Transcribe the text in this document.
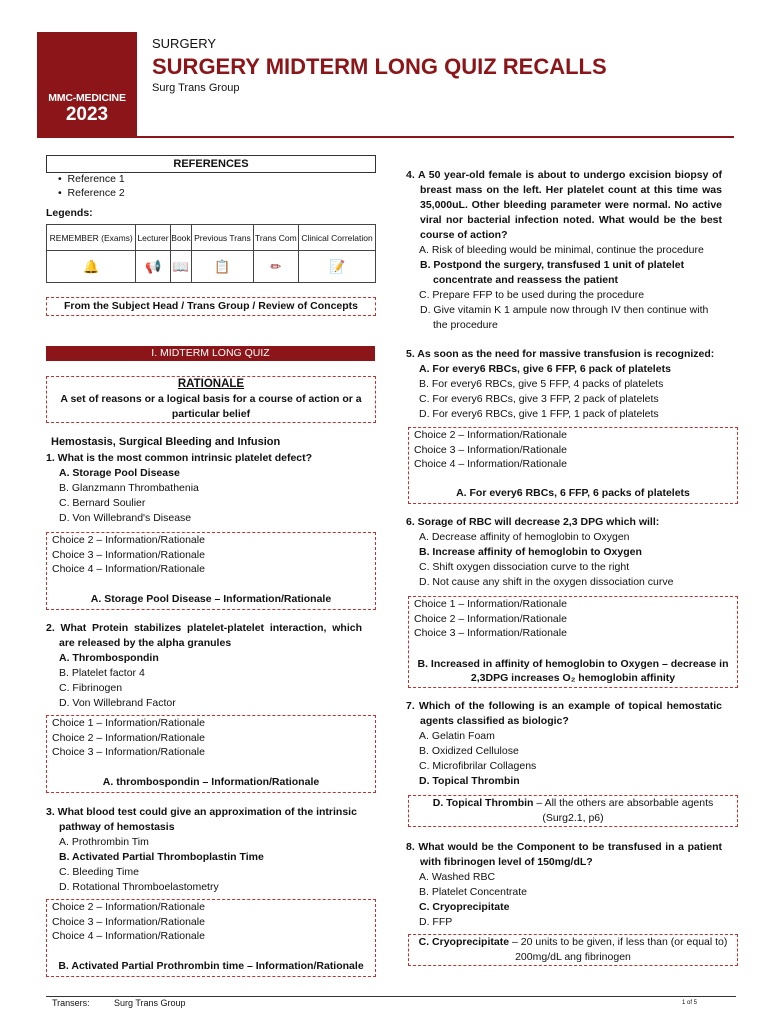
MMC-MEDICINE
2023
SURGERY
SURGERY MIDTERM LONG QUIZ RECALLS
Surg Trans Group
REFERENCES
•  Reference 1
•  Reference 2
Legends:
REMEMBER (Exams)	Lecturer	Book	Previous Trans	Trans Com	Clinical Correlation
🔔	📢	📖	📋	✏	📝
From the Subject Head / Trans Group / Review of Concepts
I. MIDTERM LONG QUIZ
RATIONALE
A set of reasons or a logical basis for a course of action or a particular belief
Hemostasis, Surgical Bleeding and Infusion
1. What is the most common intrinsic platelet defect?
A. Storage Pool Disease
B. Glanzmann Thrombathenia
C. Bernard Soulier
D. Von Willebrand's Disease
Choice 2 – Information/Rationale
Choice 3 – Information/Rationale
Choice 4 – Information/Rationale
A. Storage Pool Disease – Information/Rationale
2. What Protein stabilizes platelet-platelet interaction, which are released by the alpha granules
A. Thrombospondin
B. Platelet factor 4
C. Fibrinogen
D. Von Willebrand Factor
Choice 1 – Information/Rationale
Choice 2 – Information/Rationale
Choice 3 – Information/Rationale
A. thrombospondin – Information/Rationale
3. What blood test could give an approximation of the intrinsic pathway of hemostasis
A. Prothrombin Tim
B. Activated Partial Thromboplastin Time
C. Bleeding Time
D. Rotational Thromboelastometry
Choice 2 – Information/Rationale
Choice 3 – Information/Rationale
Choice 4 – Information/Rationale
B. Activated Partial Prothrombin time – Information/Rationale
4. A 50 year-old female is about to undergo excision biopsy of breast mass on the left. Her platelet count at this time was 35,000uL. Other bleeding parameter were normal. No active viral nor bacterial infection noted. What would be the best course of action?
A. Risk of bleeding would be minimal, continue the procedure
B. Postpond the surgery, transfused 1 unit of platelet concentrate and reassess the patient
C. Prepare FFP to be used during the procedure
D. Give vitamin K 1 ampule now through IV then continue with the procedure
5. As soon as the need for massive transfusion is recognized:
A. For every6 RBCs, give 6 FFP, 6 pack of platelets
B. For every6 RBCs, give 5 FFP, 4 packs of platelets
C. For every6 RBCs, give 3 FFP, 2 pack of platelets
D. For every6 RBCs, give 1 FFP, 1 pack of platelets
Choice 2 – Information/Rationale
Choice 3 – Information/Rationale
Choice 4 – Information/Rationale
A. For every6 RBCs, 6 FFP, 6 packs of platelets
6. Sorage of RBC will decrease 2,3 DPG which will:
A. Decrease affinity of hemoglobin to Oxygen
B. Increase affinity of hemoglobin to Oxygen
C. Shift oxygen dissociation curve to the right
D. Not cause any shift in the oxygen dissociation curve
Choice 1 – Information/Rationale
Choice 2 – Information/Rationale
Choice 3 – Information/Rationale
B. Increased in affinity of hemoglobin to Oxygen – decrease in 2,3DPG increases O₂ hemoglobin affinity
7. Which of the following is an example of topical hemostatic agents classified as biologic?
A. Gelatin Foam
B. Oxidized Cellulose
C. Microfibrilar Collagens
D. Topical Thrombin
D. Topical Thrombin – All the others are absorbable agents (Surg2.1, p6)
8. What would be the Component to be transfused in a patient with fibrinogen level of 150mg/dL?
A. Washed RBC
B. Platelet Concentrate
C. Cryoprecipitate
D. FFP
C. Cryoprecipitate – 20 units to be given, if less than (or equal to) 200mg/dL ang fibrinogen
Transers:	Surg Trans Group	1 of 5
